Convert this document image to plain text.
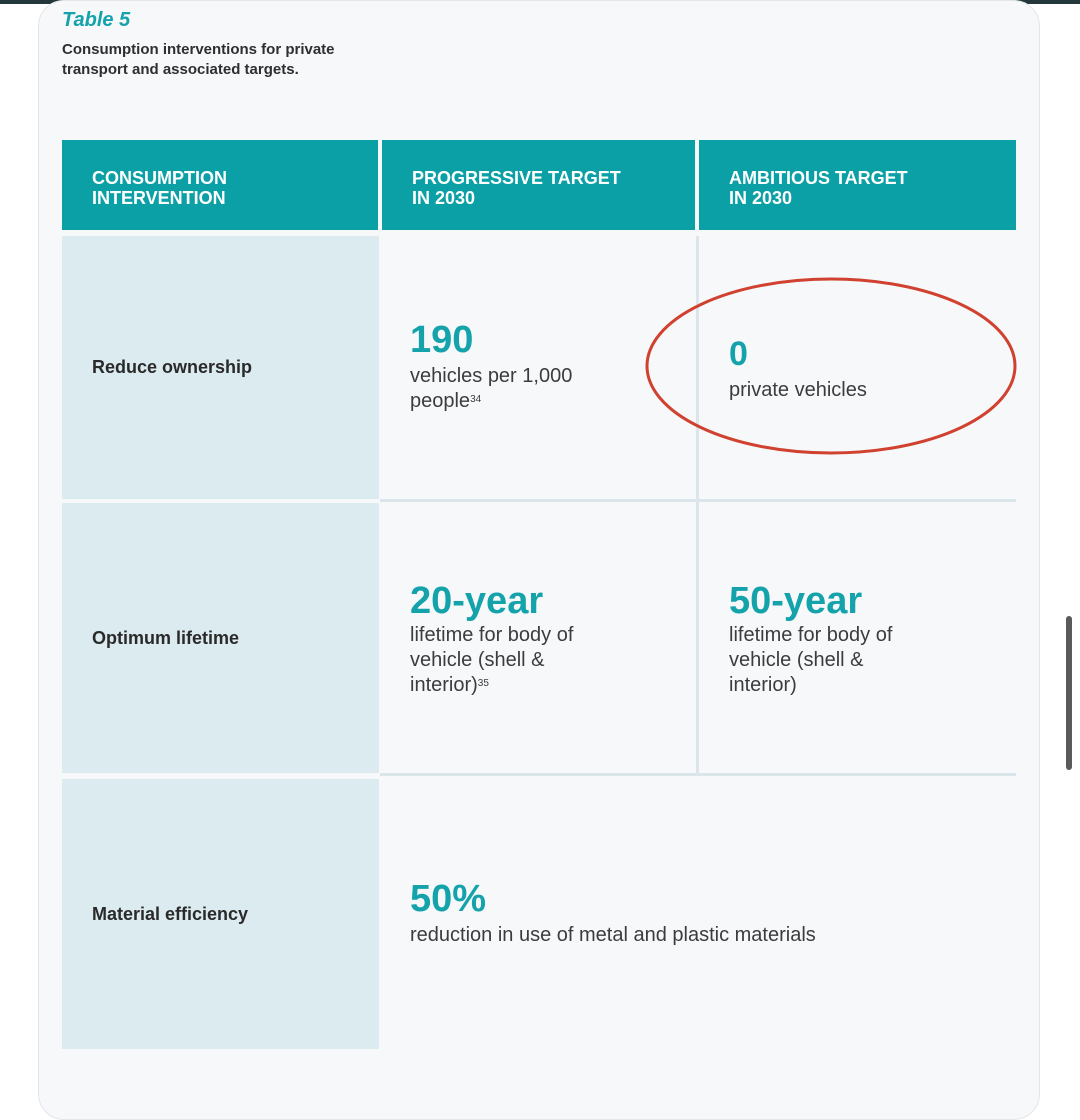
Table 5
Consumption interventions for private transport and associated targets.
CONSUMPTION
INTERVENTION
PROGRESSIVE TARGET
IN 2030
AMBITIOUS TARGET
IN 2030
Reduce ownership
190
vehicles per 1,000 people$^{34}$
0
private vehicles
Optimum lifetime
20-year
lifetime for body of vehicle (shell & interior)$^{35}$
50-year
lifetime for body of vehicle (shell & interior)
Material efficiency	50%
reduction in use of metal and plastic materials
